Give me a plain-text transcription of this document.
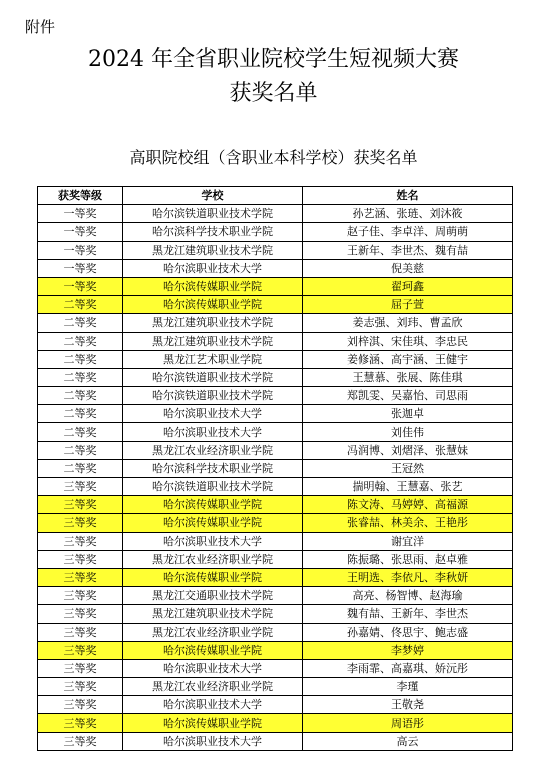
附件
2024 年全省职业院校学生短视频大赛
获奖名单
高职院校组（含职业本科学校）获奖名单
获奖等级	学校	姓名
一等奖	哈尔滨铁道职业技术学院	孙艺涵、张琏、刘沐筱
一等奖	哈尔滨科学技术职业学院	赵子佳、李卓洋、周萌萌
一等奖	黑龙江建筑职业技术学院	王新年、李世杰、魏有喆
一等奖	哈尔滨职业技术大学	倪美慈
一等奖	哈尔滨传媒职业学院	翟珂鑫
二等奖	哈尔滨传媒职业学院	屈子萱
二等奖	黑龙江建筑职业技术学院	姜志强、刘玮、曹孟欣
二等奖	黑龙江建筑职业技术学院	刘梓淇、宋佳琪、李忠民
二等奖	黑龙江艺术职业学院	姜修涵、高宇涵、王健宇
二等奖	哈尔滨铁道职业技术学院	王慧慕、张展、陈佳琪
二等奖	哈尔滨铁道职业技术学院	郑凯雯、吴嘉怡、司思雨
二等奖	哈尔滨职业技术大学	张迦卓
二等奖	哈尔滨职业技术大学	刘佳伟
二等奖	黑龙江农业经济职业学院	冯润博、刘熠泽、张慧妹
二等奖	哈尔滨科学技术职业学院	王冠然
三等奖	哈尔滨铁道职业技术学院	揣明翰、王慧嘉、张艺
三等奖	哈尔滨传媒职业学院	陈文涛、马婷婷、高福源
三等奖	哈尔滨传媒职业学院	张睿喆、林美余、王艳彤
三等奖	哈尔滨职业技术大学	谢宜洋
三等奖	黑龙江农业经济职业学院	陈振璐、张思雨、赵卓雅
三等奖	哈尔滨传媒职业学院	王明选、李依凡、李秋妍
三等奖	黑龙江交通职业技术学院	高亮、杨智博、赵海瑜
三等奖	黑龙江建筑职业技术学院	魏有喆、王新年、李世杰
三等奖	黑龙江农业经济职业学院	孙嘉婧、佟思宇、鲍志盛
三等奖	哈尔滨传媒职业学院	李梦婷
三等奖	哈尔滨职业技术大学	李雨霏、高嘉琪、娇沅彤
三等奖	黑龙江农业经济职业学院	李瑾
三等奖	哈尔滨职业技术大学	王敬尧
三等奖	哈尔滨传媒职业学院	周语彤
三等奖	哈尔滨职业技术大学	高云
